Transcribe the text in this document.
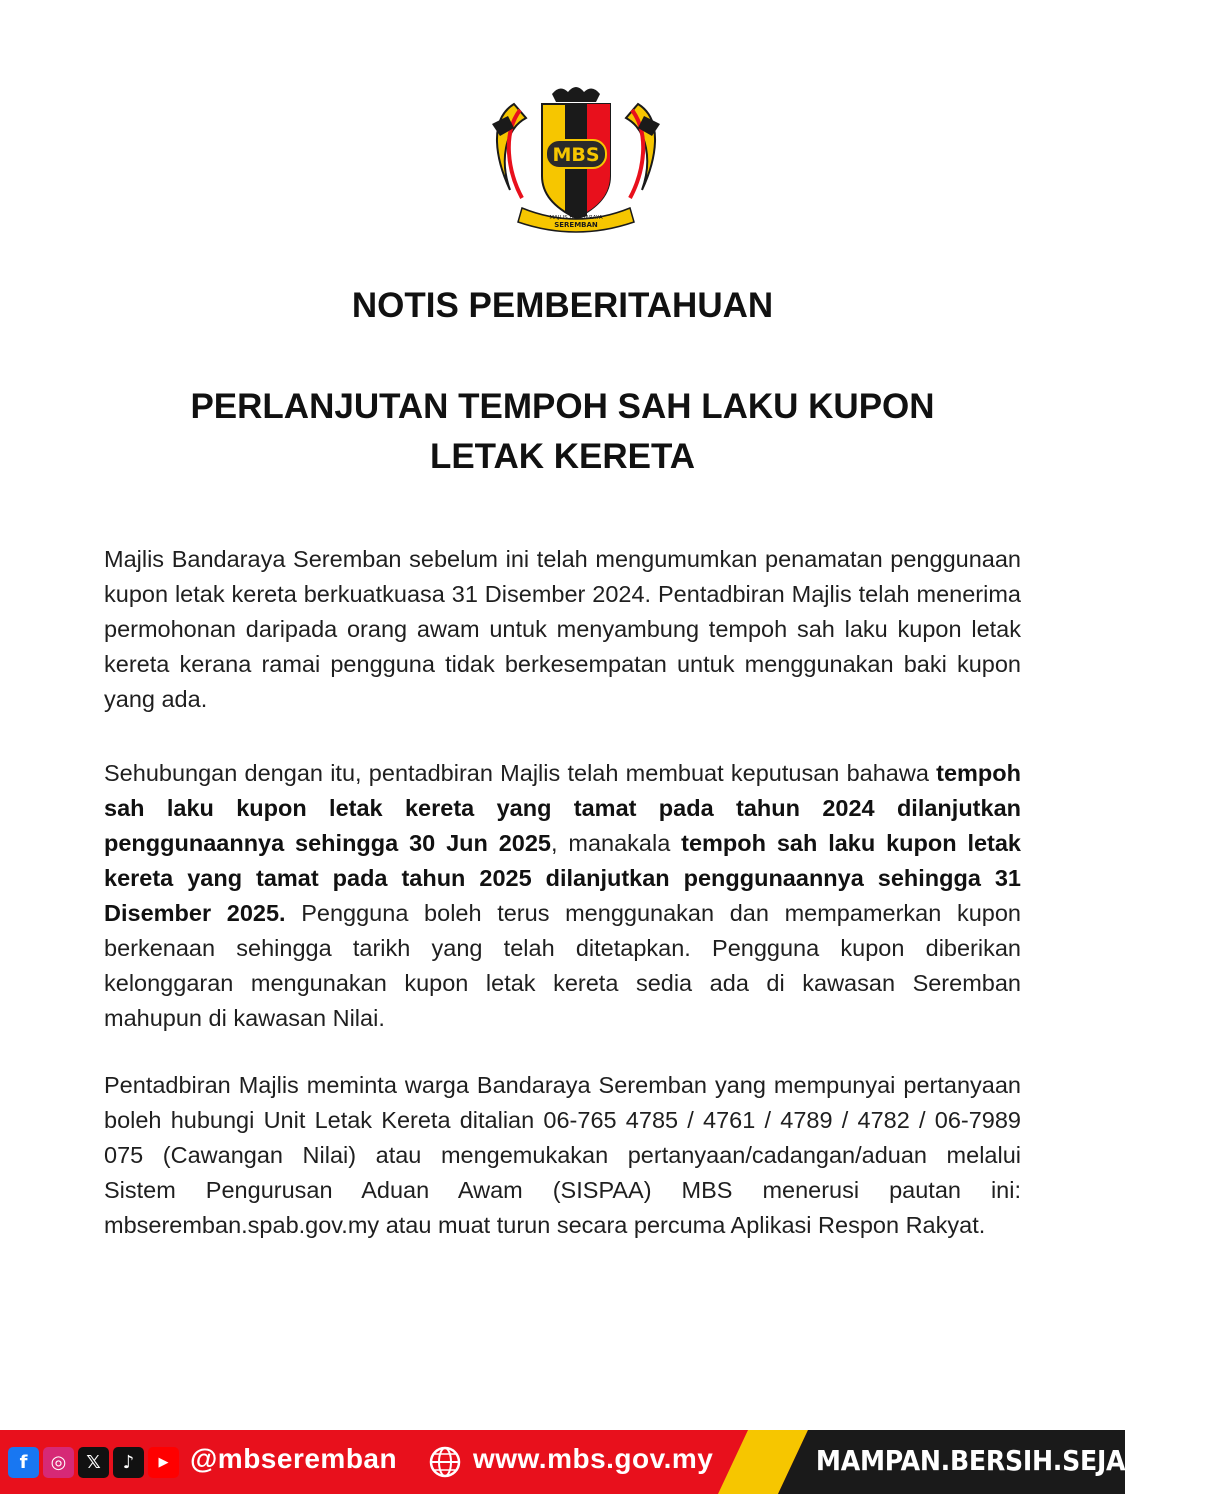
MBS
MAJLIS BANDARAYA
SEREMBAN
NOTIS PEMBERITAHUAN
PERLANJUTAN TEMPOH SAH LAKU KUPON
LETAK KERETA

Majlis Bandaraya Seremban sebelum ini telah mengumumkan penamatan penggunaan kupon letak kereta berkuatkuasa 31 Disember 2024. Pentadbiran Majlis telah menerima permohonan daripada orang awam untuk menyambung tempoh sah laku kupon letak kereta kerana ramai pengguna tidak berkesempatan untuk menggunakan baki kupon yang ada.

Sehubungan dengan itu, pentadbiran Majlis telah membuat keputusan bahawa tempoh sah laku kupon letak kereta yang tamat pada tahun 2024 dilanjutkan penggunaannya sehingga 30 Jun 2025, manakala tempoh sah laku kupon letak kereta yang tamat pada tahun 2025 dilanjutkan penggunaannya sehingga 31 Disember 2025. Pengguna boleh terus menggunakan dan mempamerkan kupon berkenaan sehingga tarikh yang telah ditetapkan. Pengguna kupon diberikan kelonggaran mengunakan kupon letak kereta sedia ada di kawasan Seremban mahupun di kawasan Nilai.

Pentadbiran Majlis meminta warga Bandaraya Seremban yang mempunyai pertanyaan boleh hubungi Unit Letak Kereta ditalian 06-765 4785 / 4761 / 4789 / 4782 / 06-7989 075 (Cawangan Nilai) atau mengemukakan pertanyaan/cadangan/aduan melalui Sistem Pengurusan Aduan Awam (SISPAA) MBS menerusi pautan ini: mbseremban.spab.gov.my atau muat turun secara percuma Aplikasi Respon Rakyat.

f	◎	𝕏	♪	▶ @mbseremban	www.mbs.gov.my	MAMPAN.BERSIH.SEJAHTERA
